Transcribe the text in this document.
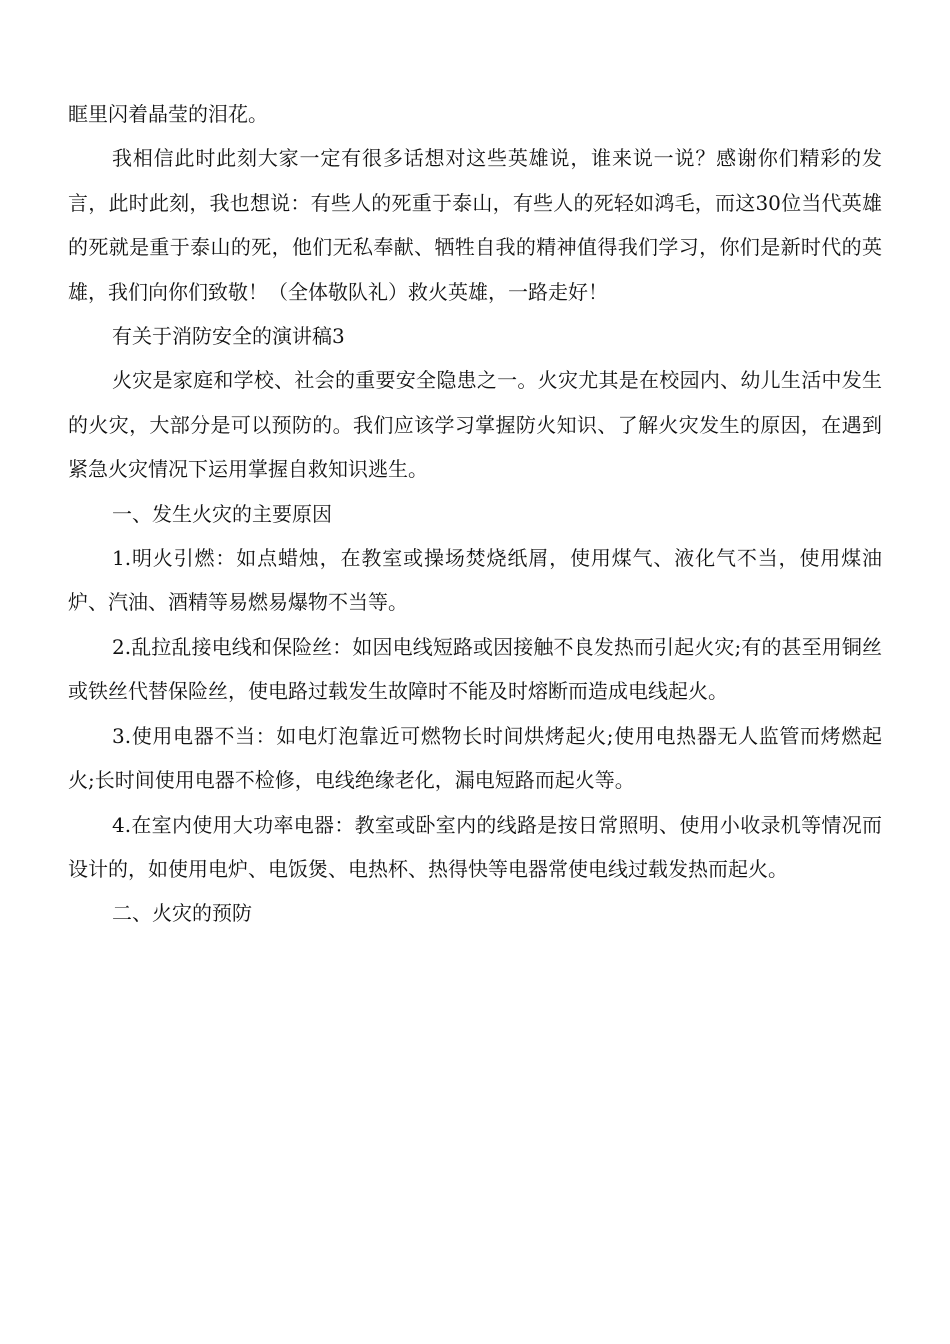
眶里闪着晶莹的泪花。

我相信此时此刻大家一定有很多话想对这些英雄说，谁来说一说？感谢你们精彩的发言，此时此刻，我也想说：有些人的死重于泰山，有些人的死轻如鸿毛，而这30位当代英雄的死就是重于泰山的死，他们无私奉献、牺牲自我的精神值得我们学习，你们是新时代的英雄，我们向你们致敬！（全体敬队礼）救火英雄，一路走好！

有关于消防安全的演讲稿3

火灾是家庭和学校、社会的重要安全隐患之一。火灾尤其是在校园内、幼儿生活中发生的火灾，大部分是可以预防的。我们应该学习掌握防火知识、了解火灾发生的原因，在遇到紧急火灾情况下运用掌握自救知识逃生。

一、发生火灾的主要原因

1.明火引燃：如点蜡烛，在教室或操场焚烧纸屑，使用煤气、液化气不当，使用煤油炉、汽油、酒精等易燃易爆物不当等。

2.乱拉乱接电线和保险丝：如因电线短路或因接触不良发热而引起火灾;有的甚至用铜丝或铁丝代替保险丝，使电路过载发生故障时不能及时熔断而造成电线起火。

3.使用电器不当：如电灯泡靠近可燃物长时间烘烤起火;使用电热器无人监管而烤燃起火;长时间使用电器不检修，电线绝缘老化，漏电短路而起火等。

4.在室内使用大功率电器：教室或卧室内的线路是按日常照明、使用小收录机等情况而设计的，如使用电炉、电饭煲、电热杯、热得快等电器常使电线过载发热而起火。

二、火灾的预防
